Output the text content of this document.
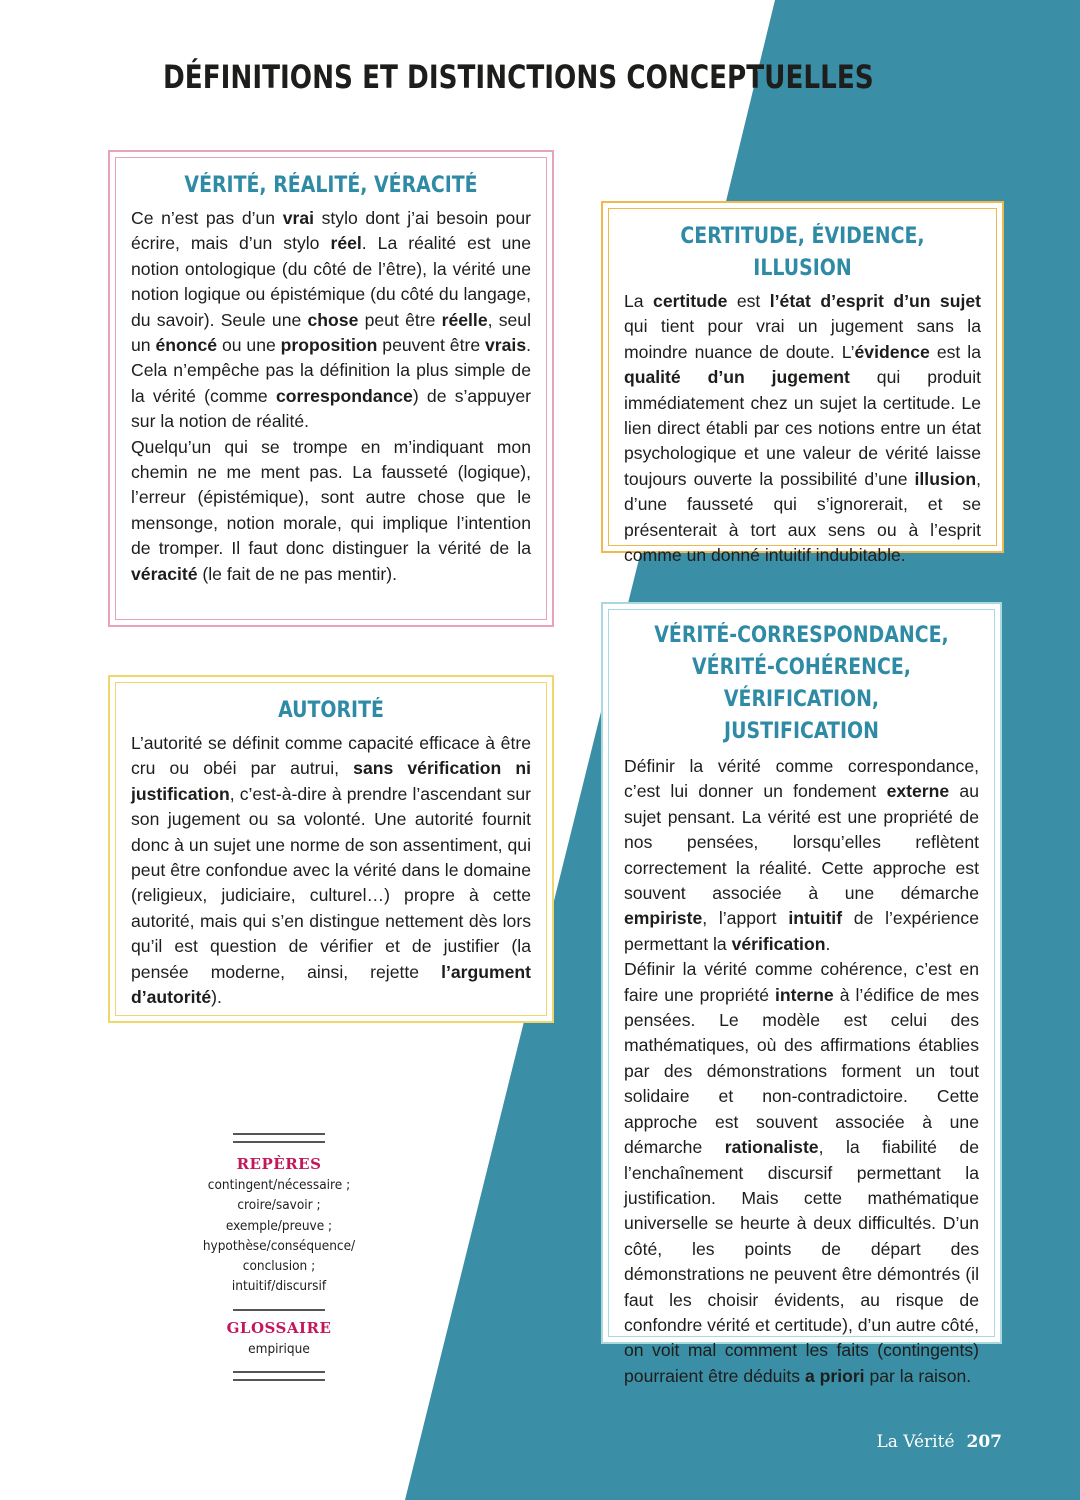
DÉFINITIONS ET DISTINCTIONS CONCEPTUELLES
VÉRITÉ, RÉALITÉ, VÉRACITÉ

Ce n’est pas d’un vrai stylo dont j’ai besoin pour écrire, mais d’un stylo réel. La réalité est une notion ontologique (du côté de l’être), la vérité une notion logique ou épistémique (du côté du langage, du savoir). Seule une chose peut être réelle, seul un énoncé ou une proposition peuvent être vrais. Cela n’empêche pas la définition la plus simple de la vérité (comme correspondance) de s’appuyer sur la notion de réalité.

Quelqu’un qui se trompe en m’indiquant mon chemin ne me ment pas. La fausseté (logique), l’erreur (épistémique), sont autre chose que le mensonge, notion morale, qui implique l’intention de tromper. Il faut donc distinguer la vérité de la véracité (le fait de ne pas mentir).

CERTITUDE, ÉVIDENCE, ILLUSION

La certitude est l’état d’esprit d’un sujet qui tient pour vrai un jugement sans la moindre nuance de doute. L’évidence est la qualité d’un jugement qui produit immédiatement chez un sujet la certitude. Le lien direct établi par ces notions entre un état psychologique et une valeur de vérité laisse toujours ouverte la possibilité d’une illusion, d’une fausseté qui s’ignorerait, et se présenterait à tort aux sens ou à l’esprit comme un donné intuitif indubitable.

AUTORITÉ

L’autorité se définit comme capacité efficace à être cru ou obéi par autrui, sans vérification ni justification, c’est-à-dire à prendre l’ascendant sur son jugement ou sa volonté. Une autorité fournit donc à un sujet une norme de son assentiment, qui peut être confondue avec la vérité dans le domaine (religieux, judiciaire, culturel…) propre à cette autorité, mais qui s’en distingue nettement dès lors qu’il est question de vérifier et de justifier (la pensée moderne, ainsi, rejette l’argument d’autorité).

VÉRITÉ-CORRESPONDANCE,
VÉRITÉ-COHÉRENCE, VÉRIFICATION,
JUSTIFICATION

Définir la vérité comme correspondance, c’est lui donner un fondement externe au sujet pensant. La vérité est une propriété de nos pensées, lorsqu’elles reflètent correctement la réalité. Cette approche est souvent associée à une démarche empiriste, l’apport intuitif de l’expérience permettant la vérification.

Définir la vérité comme cohérence, c’est en faire une propriété interne à l’édifice de mes pensées. Le modèle est celui des mathématiques, où des affirmations établies par des démonstrations forment un tout solidaire et non-contradictoire. Cette approche est souvent associée à une démarche rationaliste, la fiabilité de l’enchaînement discursif permettant la justification. Mais cette mathématique universelle se heurte à deux difficultés. D’un côté, les points de départ des démonstrations ne peuvent être démontrés (il faut les choisir évidents, au risque de confondre vérité et certitude), d’un autre côté, on voit mal comment les faits (contingents) pourraient être déduits a priori par la raison.

REPÈRES
contingent/nécessaire ;
croire/savoir ;
exemple/preuve ;
hypothèse/conséquence/
conclusion ;
intuitif/discursif
GLOSSAIRE
empirique
La Vérité 207
